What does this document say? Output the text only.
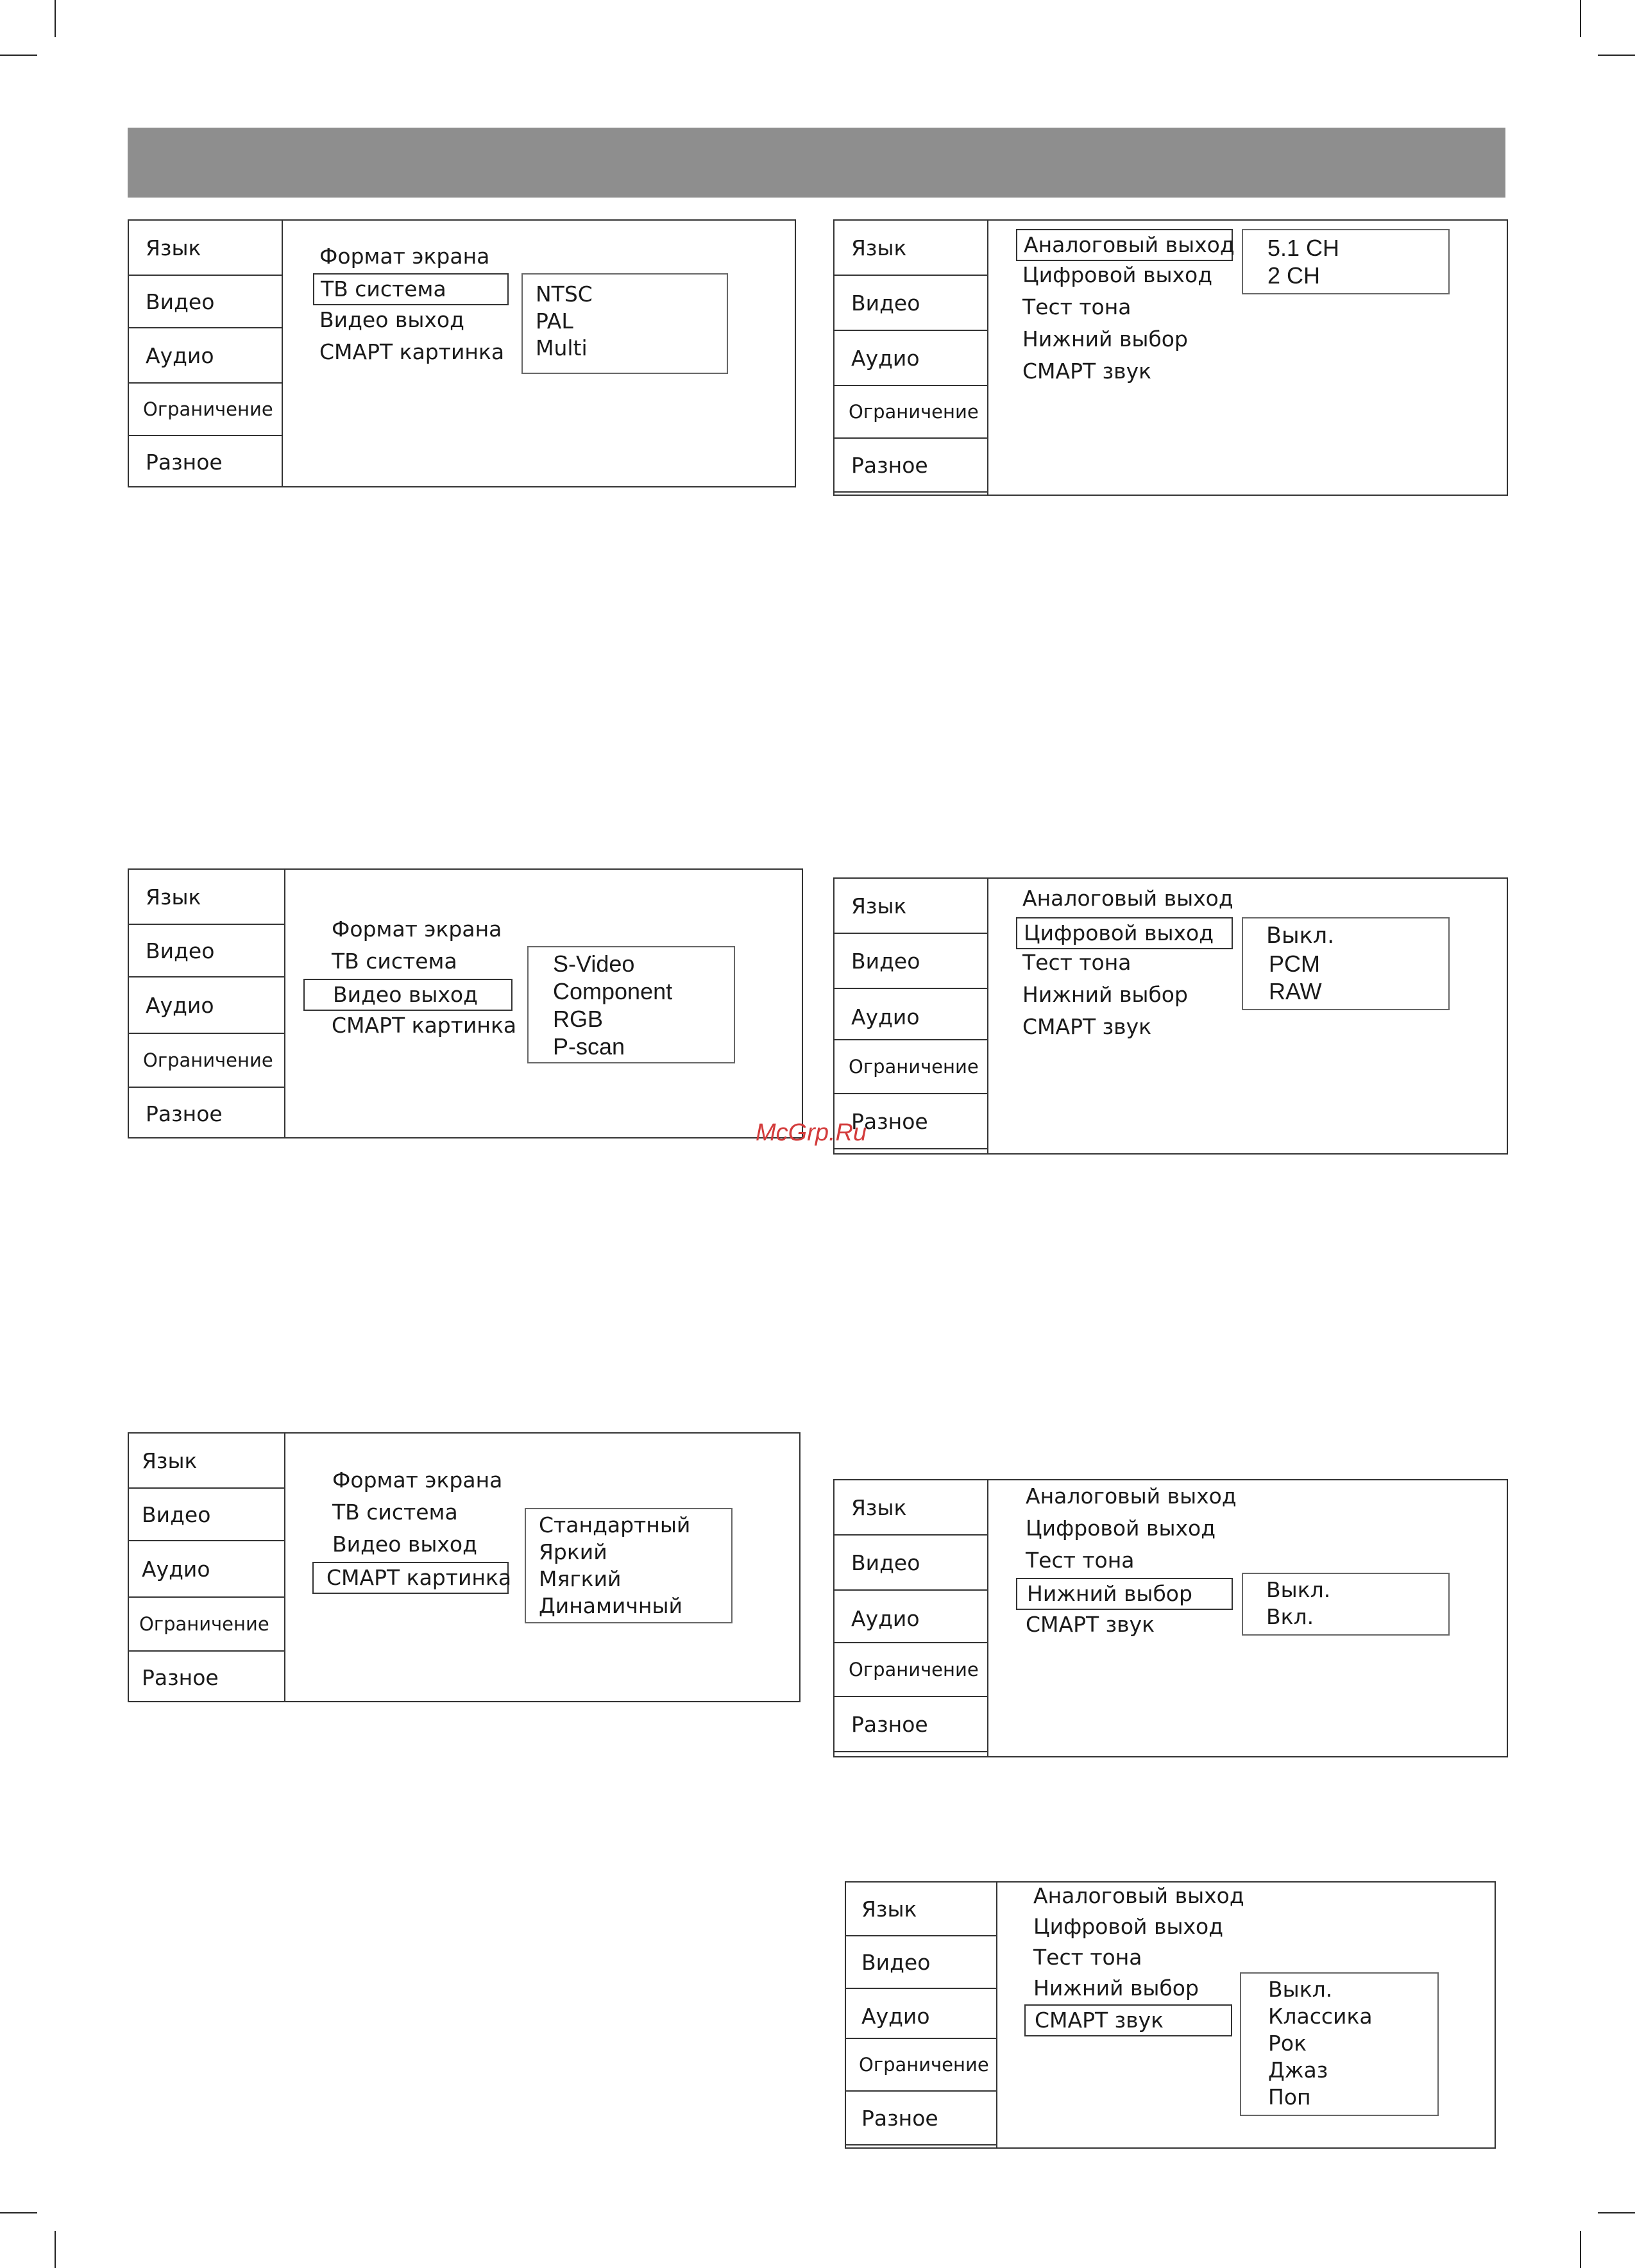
Язык
Видео
Аудио
Ограничение
Разное
Формат экрана
ТВ система
Видео выход
СМАРТ картинка
NTSC
PAL
Multi
Язык
Видео
Аудио
Ограничение
Разное
Аналоговый выход
Цифровой выход
Тест тона
Нижний выбор
СМАРТ звук
5.1 CH
2 CH
Язык
Видео
Аудио
Ограничение
Разное
Формат экрана
ТВ система
Видео выход
СМАРТ картинка
S-Video
Component
RGB
P-scan
Язык
Видео
Аудио
Ограничение
Разное
Аналоговый выход
Цифровой выход
Тест тона
Нижний выбор
СМАРТ звук
Выкл.
PCM
RAW
McGrp.Ru
Язык
Видео
Аудио
Ограничение
Разное
Формат экрана
ТВ система
Видео выход
СМАРТ картинка
Стандартный
Яркий
Мягкий
Динамичный
Язык
Видео
Аудио
Ограничение
Разное
Аналоговый выход
Цифровой выход
Тест тона
Нижний выбор
СМАРТ звук
Выкл.
Вкл.
Язык
Видео
Аудио
Ограничение
Разное
Аналоговый выход
Цифровой выход
Тест тона
Нижний выбор
СМАРТ звук
Выкл.
Классика
Рок
Джаз
Поп
